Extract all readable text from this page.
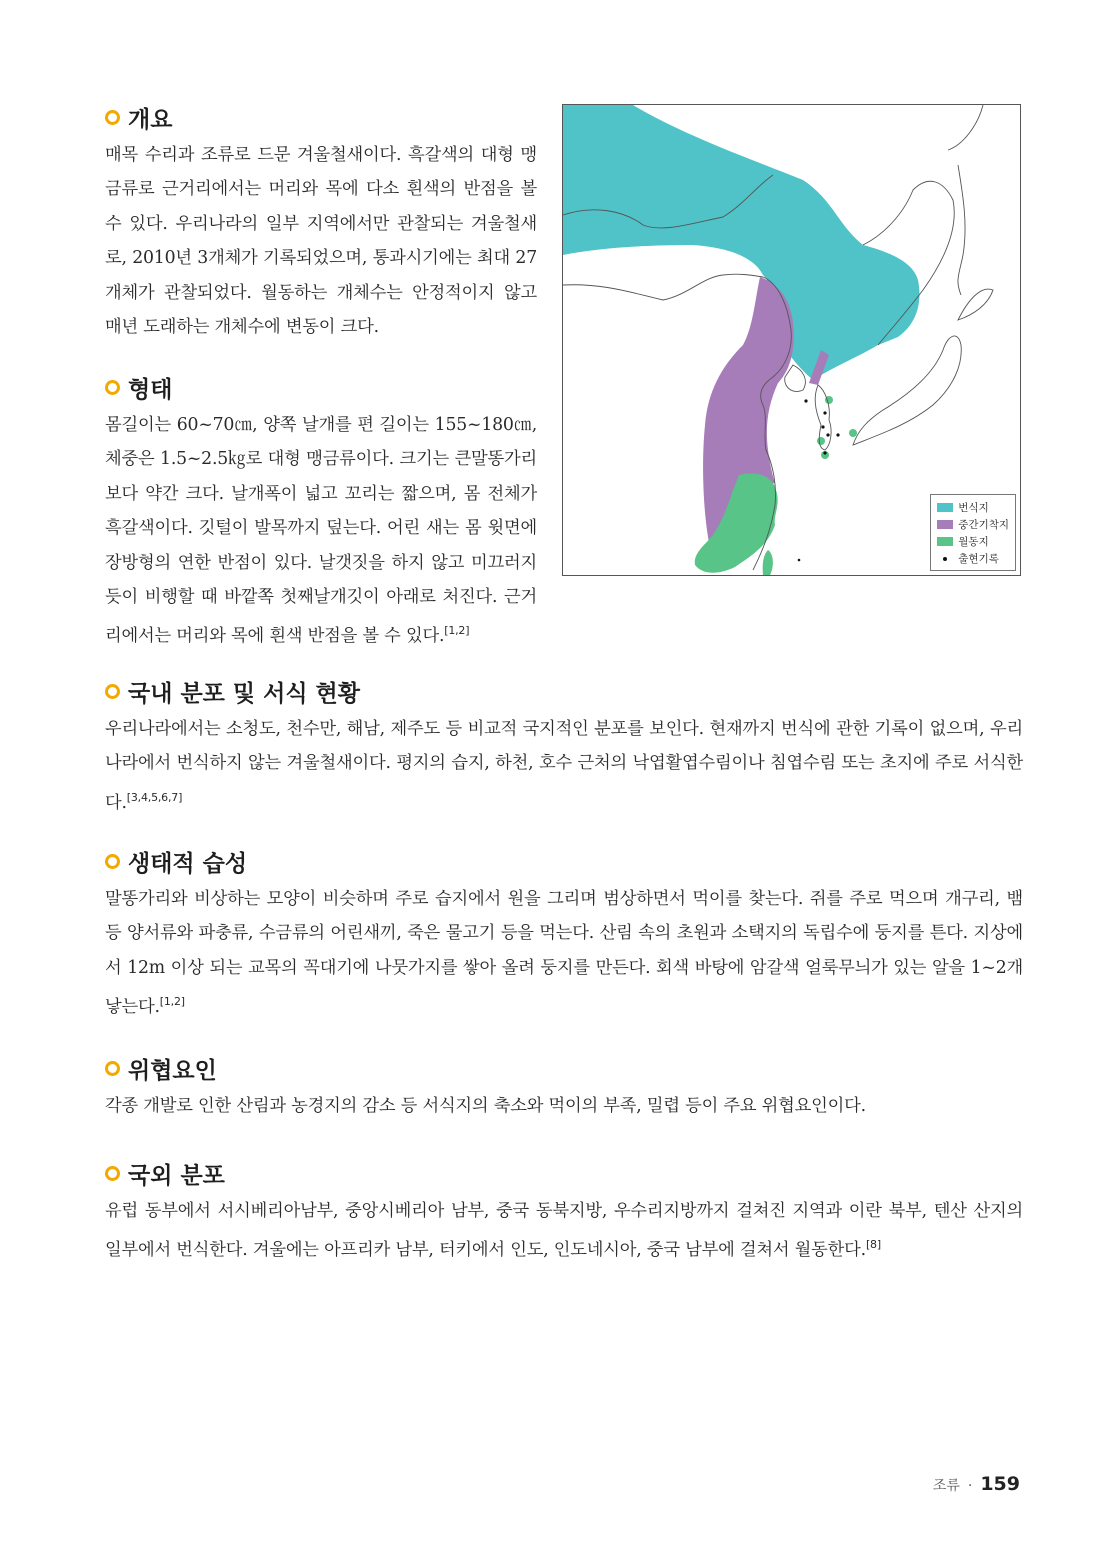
개요
매목 수리과 조류로 드문 겨울철새이다. 흑갈색의 대형 맹금류로 근거리에서는 머리와 목에 다소 흰색의 반점을 볼 수 있다. 우리나라의 일부 지역에서만 관찰되는 겨울철새로, 2010년 3개체가 기록되었으며, 통과시기에는 최대 27개체가 관찰되었다. 월동하는 개체수는 안정적이지 않고 매년 도래하는 개체수에 변동이 크다.
형태
몸길이는 60~70㎝, 양쪽 날개를 편 길이는 155~180㎝, 체중은 1.5~2.5㎏로 대형 맹금류이다. 크기는 큰말똥가리보다 약간 크다. 날개폭이 넓고 꼬리는 짧으며, 몸 전체가 흑갈색이다. 깃털이 발목까지 덮는다. 어린 새는 몸 윗면에 장방형의 연한 반점이 있다. 날갯짓을 하지 않고 미끄러지듯이 비행할 때 바깥쪽 첫째날개깃이 아래로 처진다. 근거리에서는 머리와 목에 흰색 반점을 볼 수 있다.[1,2]
번식지
중간기착지
월동지
출현기록
국내 분포 및 서식 현황
우리나라에서는 소청도, 천수만, 해남, 제주도 등 비교적 국지적인 분포를 보인다. 현재까지 번식에 관한 기록이 없으며, 우리나라에서 번식하지 않는 겨울철새이다. 평지의 습지, 하천, 호수 근처의 낙엽활엽수림이나 침엽수림 또는 초지에 주로 서식한다.[3,4,5,6,7]
생태적 습성
말똥가리와 비상하는 모양이 비슷하며 주로 습지에서 원을 그리며 범상하면서 먹이를 찾는다. 쥐를 주로 먹으며 개구리, 뱀 등 양서류와 파충류, 수금류의 어린새끼, 죽은 물고기 등을 먹는다. 산림 속의 초원과 소택지의 독립수에 둥지를 튼다. 지상에서 12m 이상 되는 교목의 꼭대기에 나뭇가지를 쌓아 올려 둥지를 만든다. 회색 바탕에 암갈색 얼룩무늬가 있는 알을 1~2개 낳는다.[1,2]
위협요인
각종 개발로 인한 산림과 농경지의 감소 등 서식지의 축소와 먹이의 부족, 밀렵 등이 주요 위협요인이다.
국외 분포
유럽 동부에서 서시베리아남부, 중앙시베리아 남부, 중국 동북지방, 우수리지방까지 걸쳐진 지역과 이란 북부, 텐산 산지의 일부에서 번식한다. 겨울에는 아프리카 남부, 터키에서 인도, 인도네시아, 중국 남부에 걸쳐서 월동한다.[8]
조류 · 159
